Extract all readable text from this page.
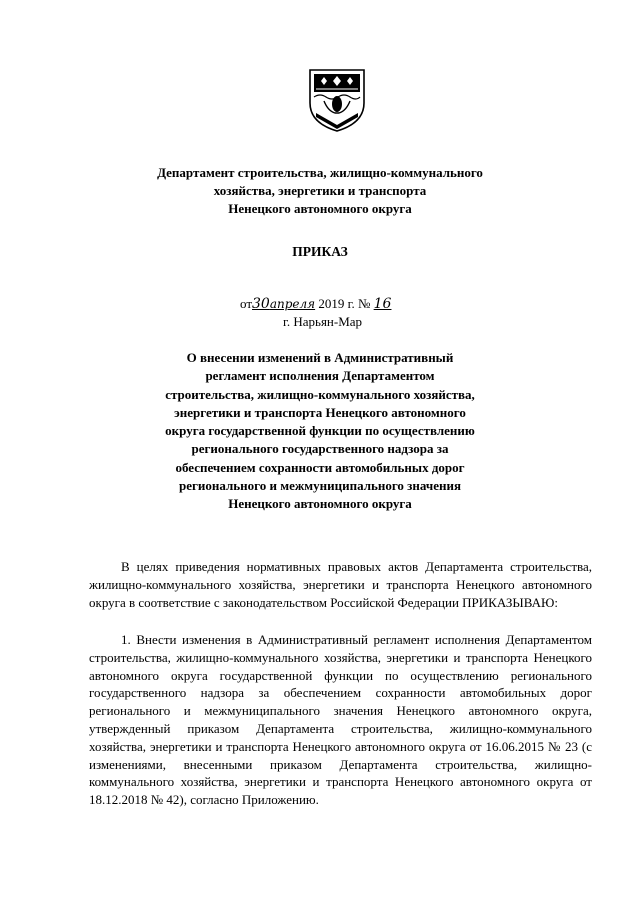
Департамент строительства, жилищно-коммунального
хозяйства, энергетики и транспорта
Ненецкого автономного округа
ПРИКАЗ
от30апреля 2019 г. № 16
г. Нарьян-Мар
О внесении изменений в Административный
регламент исполнения Департаментом
строительства, жилищно-коммунального хозяйства,
энергетики и транспорта Ненецкого автономного
округа государственной функции по осуществлению
регионального государственного надзора за
обеспечением сохранности автомобильных дорог
регионального и межмуниципального значения
Ненецкого автономного округа

В целях приведения нормативных правовых актов Департамента строительства, жилищно-коммунального хозяйства, энергетики и транспорта Ненецкого автономного округа в соответствие с законодательством Российской Федерации ПРИКАЗЫВАЮ:

1. Внести изменения в Административный регламент исполнения Департаментом строительства, жилищно-коммунального хозяйства, энергетики и транспорта Ненецкого автономного округа государственной функции по осуществлению регионального государственного надзора за обеспечением сохранности автомобильных дорог регионального и межмуниципального значения Ненецкого автономного округа, утвержденный приказом Департамента строительства, жилищно-коммунального хозяйства, энергетики и транспорта Ненецкого автономного округа от 16.06.2015 № 23 (с изменениями, внесенными приказом Департамента строительства, жилищно-коммунального хозяйства, энергетики и транспорта Ненецкого автономного округа от 18.12.2018 № 42), согласно Приложению.
